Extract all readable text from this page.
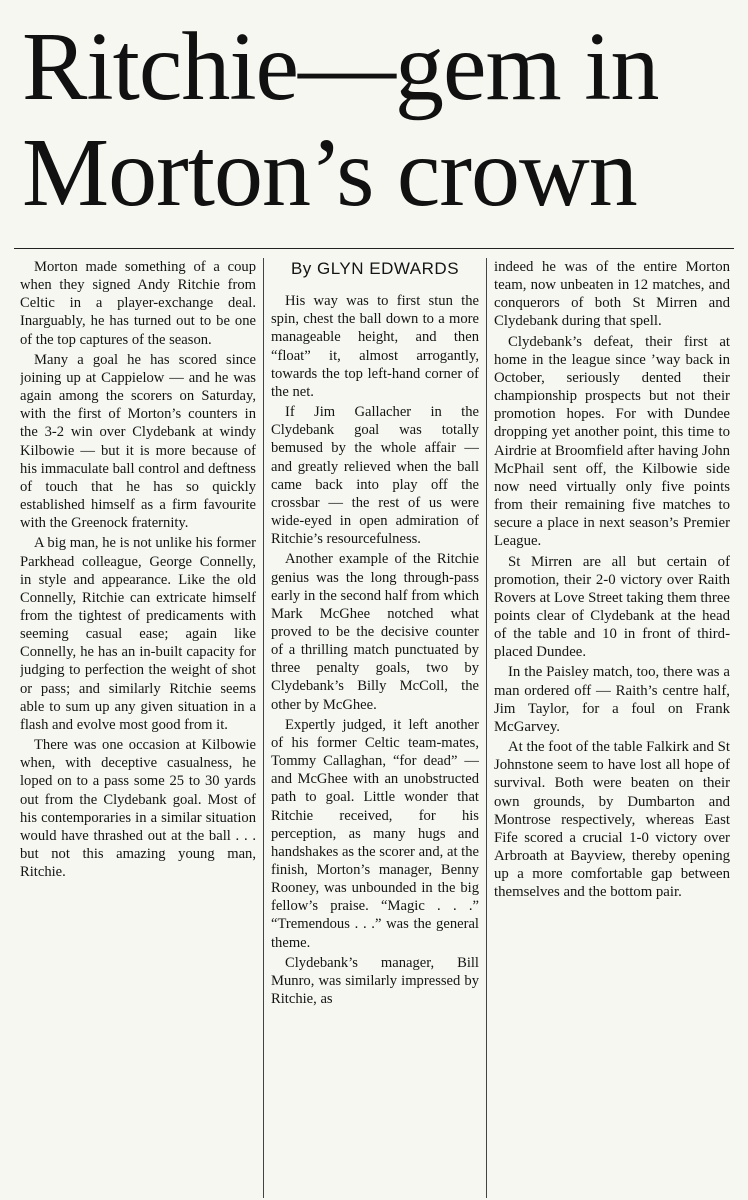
Ritchie—gem in
Morton’s crown

Morton made something of a coup when they signed Andy Ritchie from Celtic in a player-exchange deal. Inarguably, he has turned out to be one of the top captures of the season.

Many a goal he has scored since joining up at Cappielow — and he was again among the scorers on Saturday, with the first of Morton’s counters in the 3-2 win over Clydebank at windy Kilbowie — but it is more because of his immaculate ball control and deftness of touch that he has so quickly established himself as a firm favourite with the Greenock fraternity.

A big man, he is not unlike his former Parkhead colleague, George Connelly, in style and appearance. Like the old Connelly, Ritchie can extricate himself from the tightest of predicaments with seeming casual ease; again like Connelly, he has an in-built capacity for judging to perfection the weight of shot or pass; and similarly Ritchie seems able to sum up any given situation in a flash and evolve most good from it.

There was one occasion at Kilbowie when, with deceptive casualness, he loped on to a pass some 25 to 30 yards out from the Clydebank goal. Most of his contemporaries in a similar situation would have thrashed out at the ball . . . but not this amazing young man, Ritchie.

By GLYN EDWARDS

His way was to first stun the spin, chest the ball down to a more manageable height, and then “float” it, almost arrogantly, towards the top left-hand corner of the net.

If Jim Gallacher in the Clydebank goal was totally bemused by the whole affair — and greatly relieved when the ball came back into play off the crossbar — the rest of us were wide-eyed in open admiration of Ritchie’s resourcefulness.

Another example of the Ritchie genius was the long through-pass early in the second half from which Mark McGhee notched what proved to be the decisive counter of a thrilling match punctuated by three penalty goals, two by Clydebank’s Billy McColl, the other by McGhee.

Expertly judged, it left another of his former Celtic team-mates, Tommy Callaghan, “for dead” — and McGhee with an unobstructed path to goal. Little wonder that Ritchie received, for his perception, as many hugs and handshakes as the scorer and, at the finish, Morton’s manager, Benny Rooney, was unbounded in the big fellow’s praise. “Magic . . .” “Tremendous . . .” was the general theme.

Clydebank’s manager, Bill Munro, was similarly impressed by Ritchie, as

indeed he was of the entire Morton team, now unbeaten in 12 matches, and conquerors of both St Mirren and Clydebank during that spell.

Clydebank’s defeat, their first at home in the league since ’way back in October, seriously dented their championship prospects but not their promotion hopes. For with Dundee dropping yet another point, this time to Airdrie at Broomfield after having John McPhail sent off, the Kilbowie side now need virtually only five points from their remaining five matches to secure a place in next season’s Premier League.

St Mirren are all but certain of promotion, their 2-0 victory over Raith Rovers at Love Street taking them three points clear of Clydebank at the head of the table and 10 in front of third-placed Dundee.

In the Paisley match, too, there was a man ordered off — Raith’s centre half, Jim Taylor, for a foul on Frank McGarvey.

At the foot of the table Falkirk and St Johnstone seem to have lost all hope of survival. Both were beaten on their own grounds, by Dumbarton and Montrose respectively, whereas East Fife scored a crucial 1-0 victory over Arbroath at Bayview, thereby opening up a more comfortable gap between themselves and the bottom pair.
